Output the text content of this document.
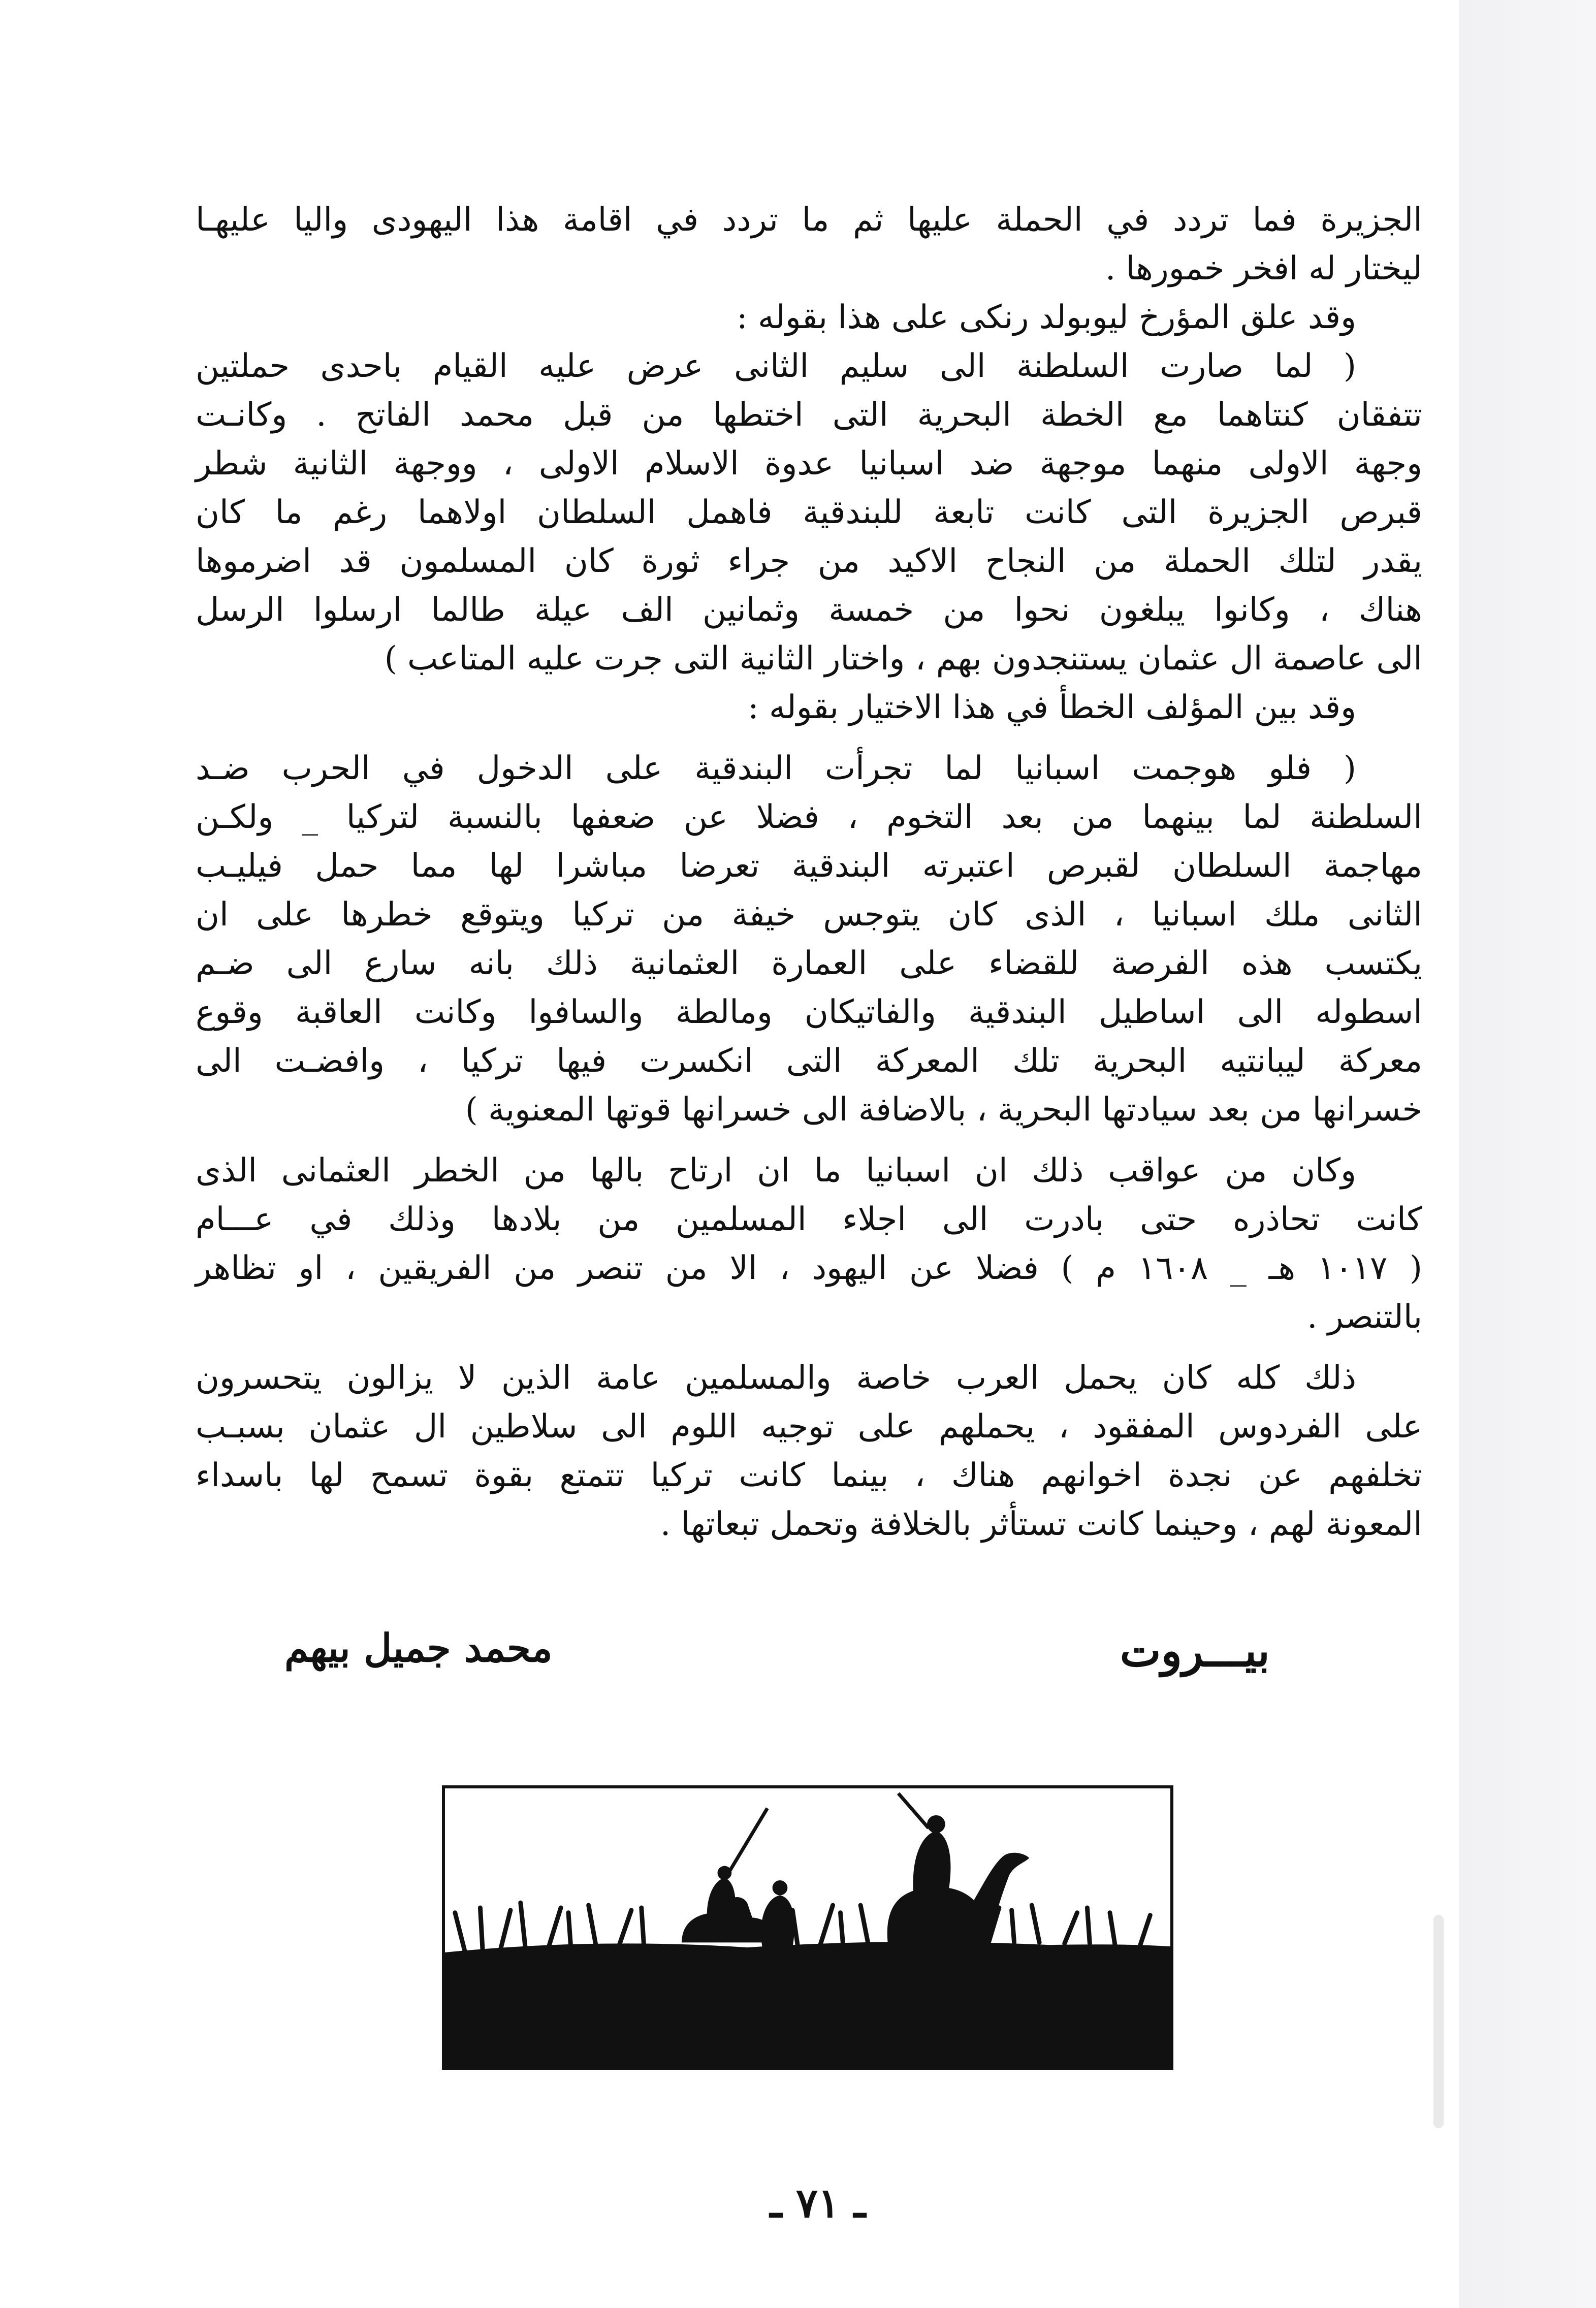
الجزيرة فما تردد في الحملة عليها ثم ما تردد في اقامة هذا اليهودى واليا عليهـا
ليختار له افخر خمورها .
وقد علق المؤرخ ليوبولد رنكى على هذا بقوله :
( لما صارت السلطنة الى سليم الثانى عرض عليه القيام باحدى حملتين
تتفقان كنتاهما مع الخطة البحرية التى اختطها من قبل محمد الفاتح . وكانـت
وجهة الاولى منهما موجهة ضد اسبانيا عدوة الاسلام الاولى ، ووجهة الثانية شطر
قبرص الجزيرة التى كانت تابعة للبندقية فاهمل السلطان اولاهما رغم ما كان
يقدر لتلك الحملة من النجاح الاكيد من جراء ثورة كان المسلمون قد اضرموها
هناك ، وكانوا يبلغون نحوا من خمسة وثمانين الف عيلة طالما ارسلوا الرسل
الى عاصمة ال عثمان يستنجدون بهم ، واختار الثانية التى جرت عليه المتاعب )
وقد بين المؤلف الخطأ في هذا الاختيار بقوله :
( فلو هوجمت اسبانيا لما تجرأت البندقية على الدخول في الحرب ضـد
السلطنة لما بينهما من بعد التخوم ، فضلا عن ضعفها بالنسبة لتركيا _ ولكـن
مهاجمة السلطان لقبرص اعتبرته البندقية تعرضا مباشرا لها مما حمل فيليـب
الثانى ملك اسبانيا ، الذى كان يتوجس خيفة من تركيا ويتوقع خطرها على ان
يكتسب هذه الفرصة للقضاء على العمارة العثمانية ذلك بانه سارع الى ضـم
اسطوله الى اساطيل البندقية والفاتيكان ومالطة والسافوا وكانت العاقبة وقوع
معركة ليبانتيه البحرية تلك المعركة التى انكسرت فيها تركيا ، وافضـت الى
خسرانها من بعد سيادتها البحرية ، بالاضافة الى خسرانها قوتها المعنوية )
وكان من عواقب ذلك ان اسبانيا ما ان ارتاح بالها من الخطر العثمانى الذى
كانت تحاذره حتى بادرت الى اجلاء المسلمين من بلادها وذلك في عـــام
( ١٠١٧ هـ _ ١٦٠٨ م ) فضلا عن اليهود ، الا من تنصر من الفريقين ، او تظاهر
بالتنصر .
ذلك كله كان يحمل العرب خاصة والمسلمين عامة الذين لا يزالون يتحسرون
على الفردوس المفقود ، يحملهم على توجيه اللوم الى سلاطين ال عثمان بسبـب
تخلفهم عن نجدة اخوانهم هناك ، بينما كانت تركيا تتمتع بقوة تسمح لها باسداء
المعونة لهم ، وحينما كانت تستأثر بالخلافة وتحمل تبعاتها .
بيـــروت
محمد جميل بيهم
ـ ٧١ ـ
